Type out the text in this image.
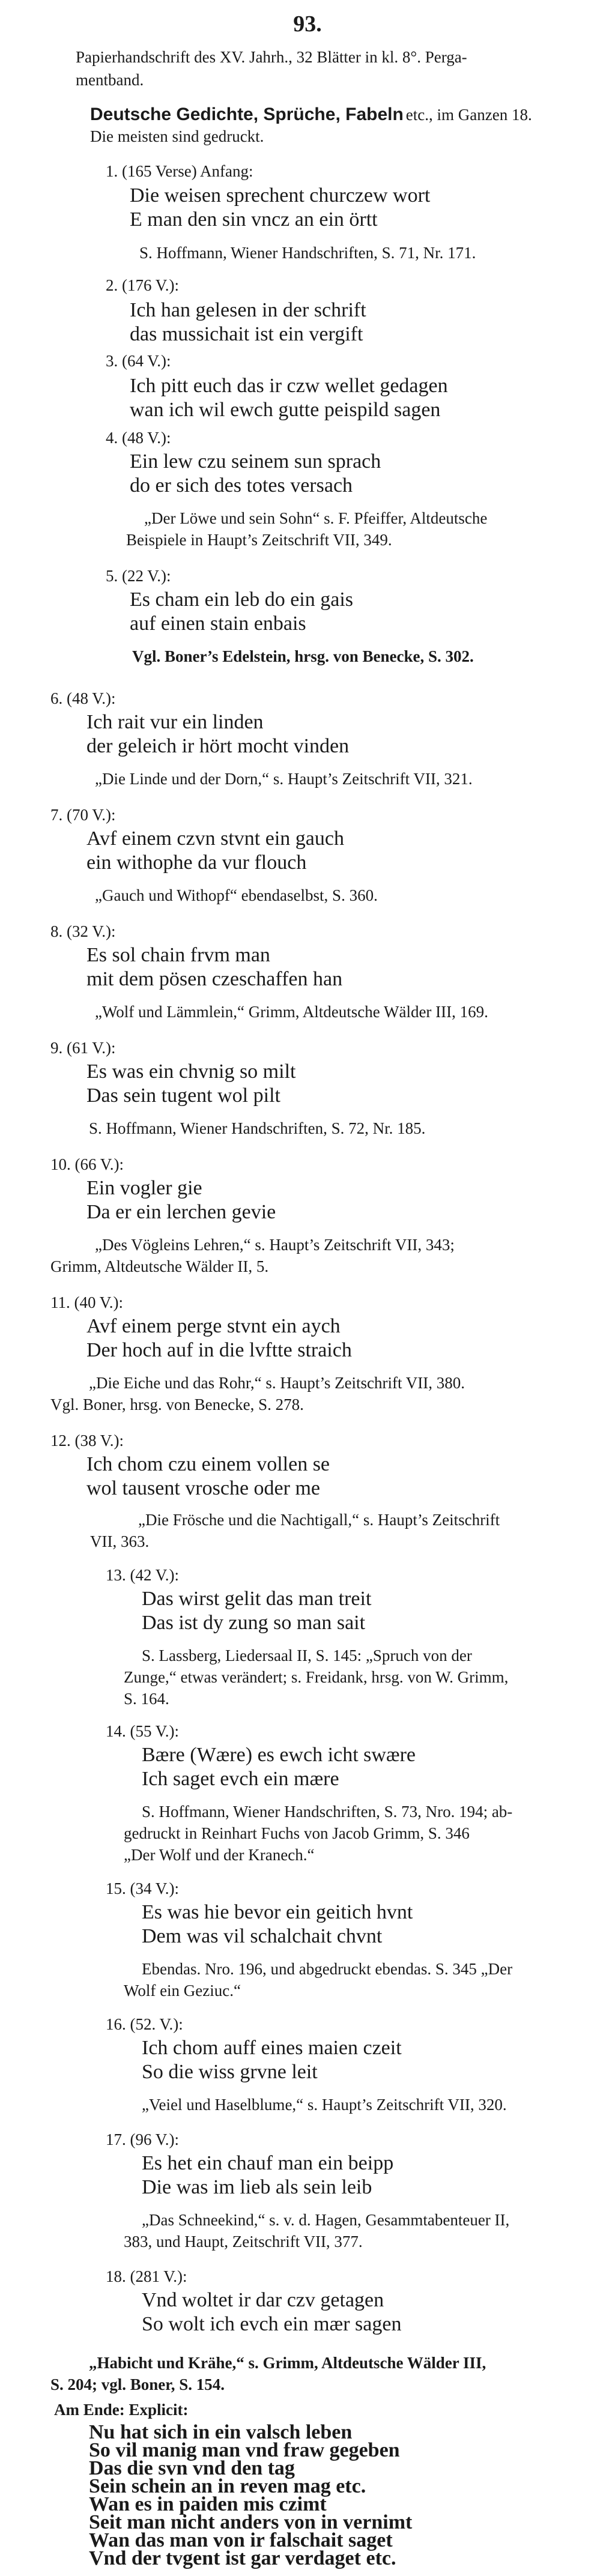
93.
Papierhandschrift des XV. Jahrh., 32 Blätter in kl. 8°. Perga-
mentband.
Deutsche Gedichte, Sprüche, Fabeln etc., im Ganzen 18.
Die meisten sind gedruckt.
1. (165 Verse) Anfang:
Die weisen sprechent churczew wort
E man den sin vncz an ein örtt
S. Hoffmann, Wiener Handschriften, S. 71, Nr. 171.
2. (176 V.):
Ich han gelesen in der schrift
das mussichait ist ein vergift
3. (64 V.):
Ich pitt euch das ir czw wellet gedagen
wan ich wil ewch gutte peispild sagen
4. (48 V.):
Ein lew czu seinem sun sprach
do er sich des totes versach
„Der Löwe und sein Sohn“ s. F. Pfeiffer, Altdeutsche
Beispiele in Haupt’s Zeitschrift VII, 349.
5. (22 V.):
Es cham ein leb do ein gais
auf einen stain enbais
Vgl. Boner’s Edelstein, hrsg. von Benecke, S. 302.
6. (48 V.):
Ich rait vur ein linden
der geleich ir hört mocht vinden
„Die Linde und der Dorn,“ s. Haupt’s Zeitschrift VII, 321.
7. (70 V.):
Avf einem czvn stvnt ein gauch
ein withophe da vur flouch
„Gauch und Withopf“ ebendaselbst, S. 360.
8. (32 V.):
Es sol chain frvm man
mit dem pösen czeschaffen han
„Wolf und Lämmlein,“ Grimm, Altdeutsche Wälder III, 169.
9. (61 V.):
Es was ein chvnig so milt
Das sein tugent wol pilt
S. Hoffmann, Wiener Handschriften, S. 72, Nr. 185.
10. (66 V.):
Ein vogler gie
Da er ein lerchen gevie
„Des Vögleins Lehren,“ s. Haupt’s Zeitschrift VII, 343;
Grimm, Altdeutsche Wälder II, 5.
11. (40 V.):
Avf einem perge stvnt ein aych
Der hoch auf in die lvftte straich
„Die Eiche und das Rohr,“ s. Haupt’s Zeitschrift VII, 380.
Vgl. Boner, hrsg. von Benecke, S. 278.
12. (38 V.):
Ich chom czu einem vollen se
wol tausent vrosche oder me
„Die Frösche und die Nachtigall,“ s. Haupt’s Zeitschrift
VII, 363.
13. (42 V.):
Das wirst gelit das man treit
Das ist dy zung so man sait
S. Lassberg, Liedersaal II, S. 145: „Spruch von der
Zunge,“ etwas verändert; s. Freidank, hrsg. von W. Grimm,
S. 164.
14. (55 V.):
Bære (Wære) es ewch icht swære
Ich saget evch ein mære
S. Hoffmann, Wiener Handschriften, S. 73, Nro. 194; ab-
gedruckt in Reinhart Fuchs von Jacob Grimm, S. 346
„Der Wolf und der Kranech.“
15. (34 V.):
Es was hie bevor ein geitich hvnt
Dem was vil schalchait chvnt
Ebendas. Nro. 196, und abgedruckt ebendas. S. 345 „Der
Wolf ein Geziuc.“
16. (52. V.):
Ich chom auff eines maien czeit
So die wiss grvne leit
„Veiel und Haselblume,“ s. Haupt’s Zeitschrift VII, 320.
17. (96 V.):
Es het ein chauf man ein beipp
Die was im lieb als sein leib
„Das Schneekind,“ s. v. d. Hagen, Gesammtabenteuer II,
383, und Haupt, Zeitschrift VII, 377.
18. (281 V.):
Vnd woltet ir dar czv getagen
So wolt ich evch ein mær sagen
„Habicht und Krähe,“ s. Grimm, Altdeutsche Wälder III,
S. 204; vgl. Boner, S. 154.
Am Ende: Explicit:
Nu hat sich in ein valsch leben
So vil manig man vnd fraw gegeben
Das die svn vnd den tag
Sein schein an in reven mag etc.
Wan es in paiden mis czimt
Seit man nicht anders von in vernimt
Wan das man von ir falschait saget
Vnd der tvgent ist gar verdaget etc.
